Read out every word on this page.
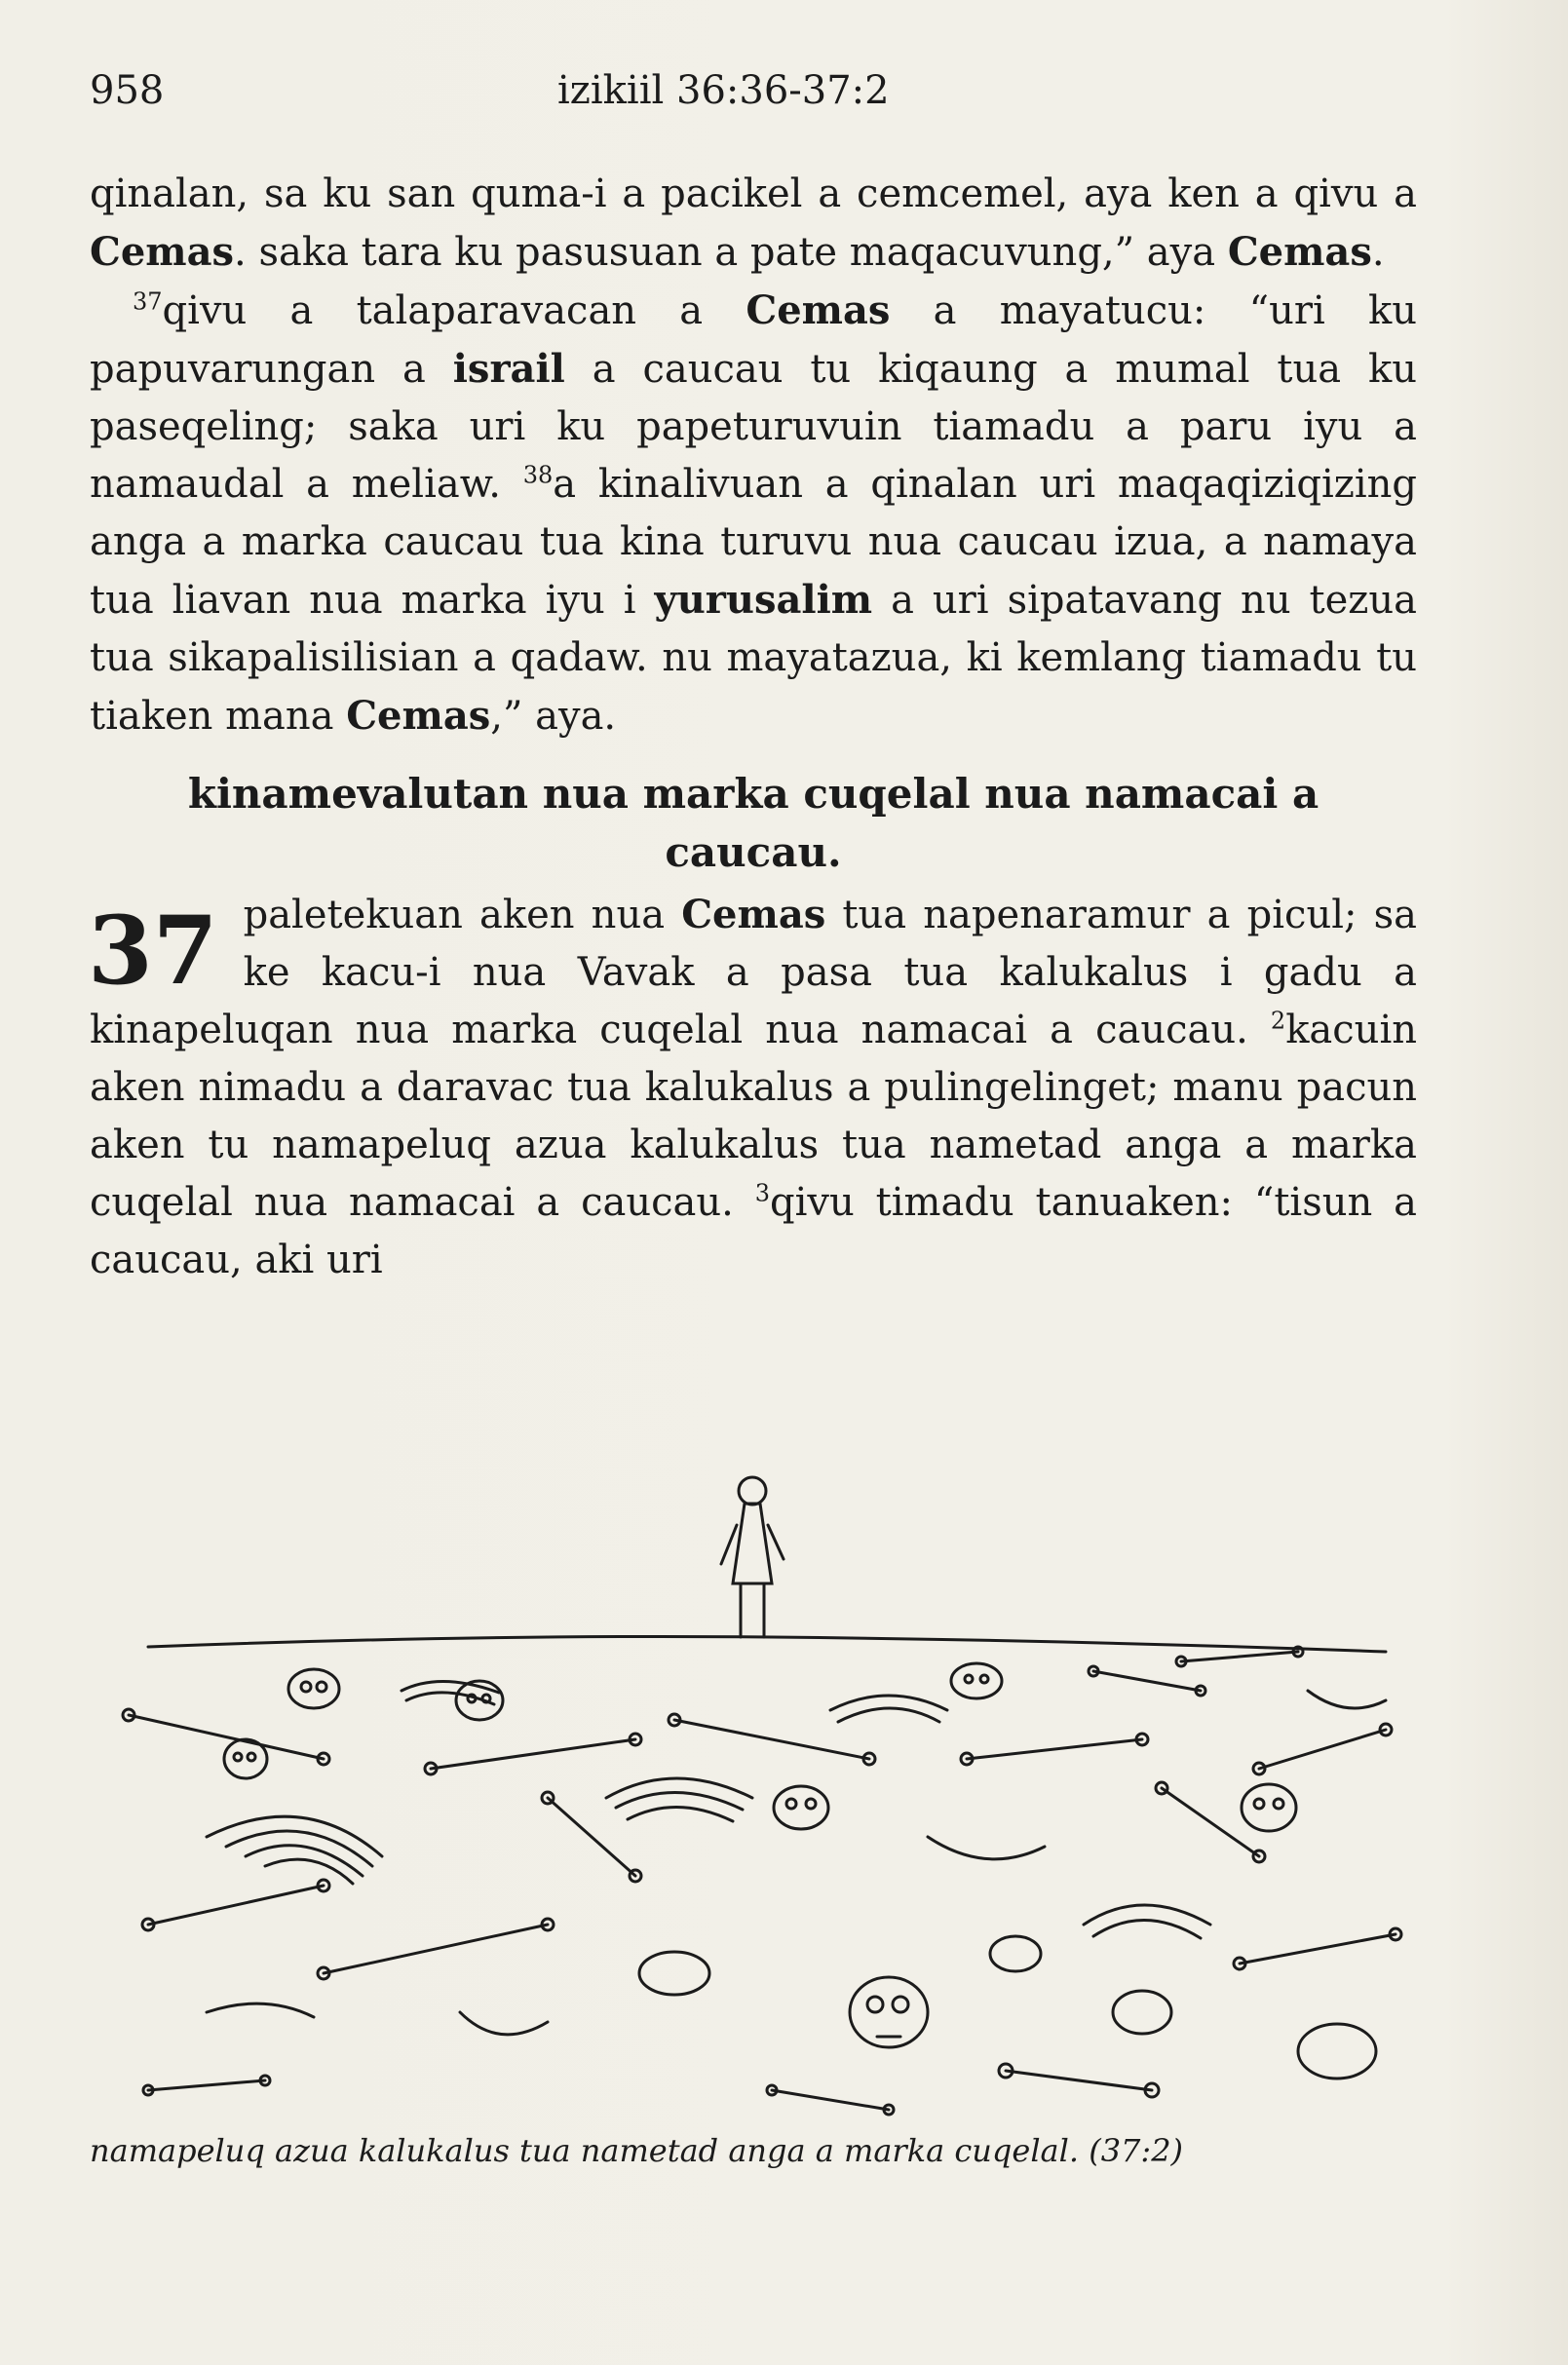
958	izikiil 36:36-37:2

qinalan, sa ku san quma-i a pacikel a cemcemel, aya ken a qivu a Cemas. saka tara ku pasusuan a pate maqacuvung,” aya Cemas.

$^{37}$qivu a talaparavacan a Cemas a mayatucu: “uri ku papuvarungan a israil a caucau tu kiqaung a mumal tua ku paseqeling; saka uri ku papeturuvuin tiamadu a paru iyu a namaudal a meliaw. $^{38}$a kinalivuan a qinalan uri maqaqiziqizing anga a marka caucau tua kina turuvu nua caucau izua, a namaya tua liavan nua marka iyu i yurusalim a uri sipatavang nu tezua tua sikapalisilisian a qadaw. nu mayatazua, ki kemlang tiamadu tu tiaken mana Cemas,” aya.

kinamevalutan nua marka cuqelal nua namacai a caucau.

37 paletekuan aken nua Cemas tua napenaramur a picul; sa ke kacu-i nua Vavak a pasa tua kalukalus i gadu a kinapeluqan nua marka cuqelal nua namacai a caucau. $^2$kacuin aken nimadu a daravac tua kalukalus a pulingelinget; manu pacun aken tu namapeluq azua kalukalus tua nametad anga a marka cuqelal nua namacai a caucau. $^3$qivu timadu tanuaken: “tisun a caucau, aki uri

namapeluq azua kalukalus tua nametad anga a marka cuqelal. (37:2)
